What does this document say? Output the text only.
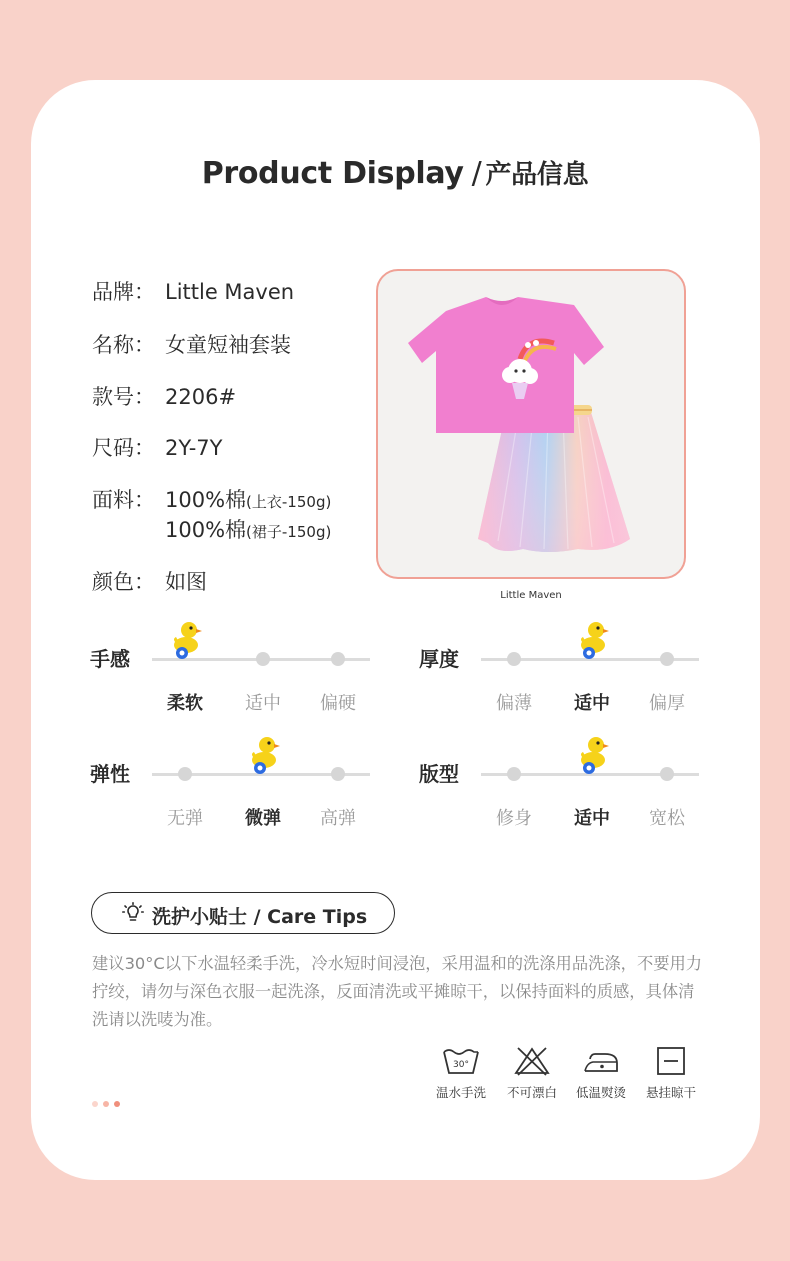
Product Display / 产品信息
品牌： Little Maven
名称： 女童短袖套装
款号： 2206#
尺码： 2Y-7Y
面料： 100%棉(上衣-150g)
100%棉(裙子-150g)
颜色： 如图
Little Maven
手感
柔软	适中	偏硬
厚度
偏薄	适中	偏厚
弹性
无弹	微弹	高弹
版型
修身	适中	宽松
洗护小贴士 / Care Tips
建议30°C以下水温轻柔手洗，冷水短时间浸泡，采用温和的洗涤用品洗涤，不要用力拧绞，请勿与深色衣服一起洗涤，反面清洗或平摊晾干，以保持面料的质感，具体清洗请以洗唛为准。
30°
温水手洗	不可漂白	低温熨烫	悬挂晾干
